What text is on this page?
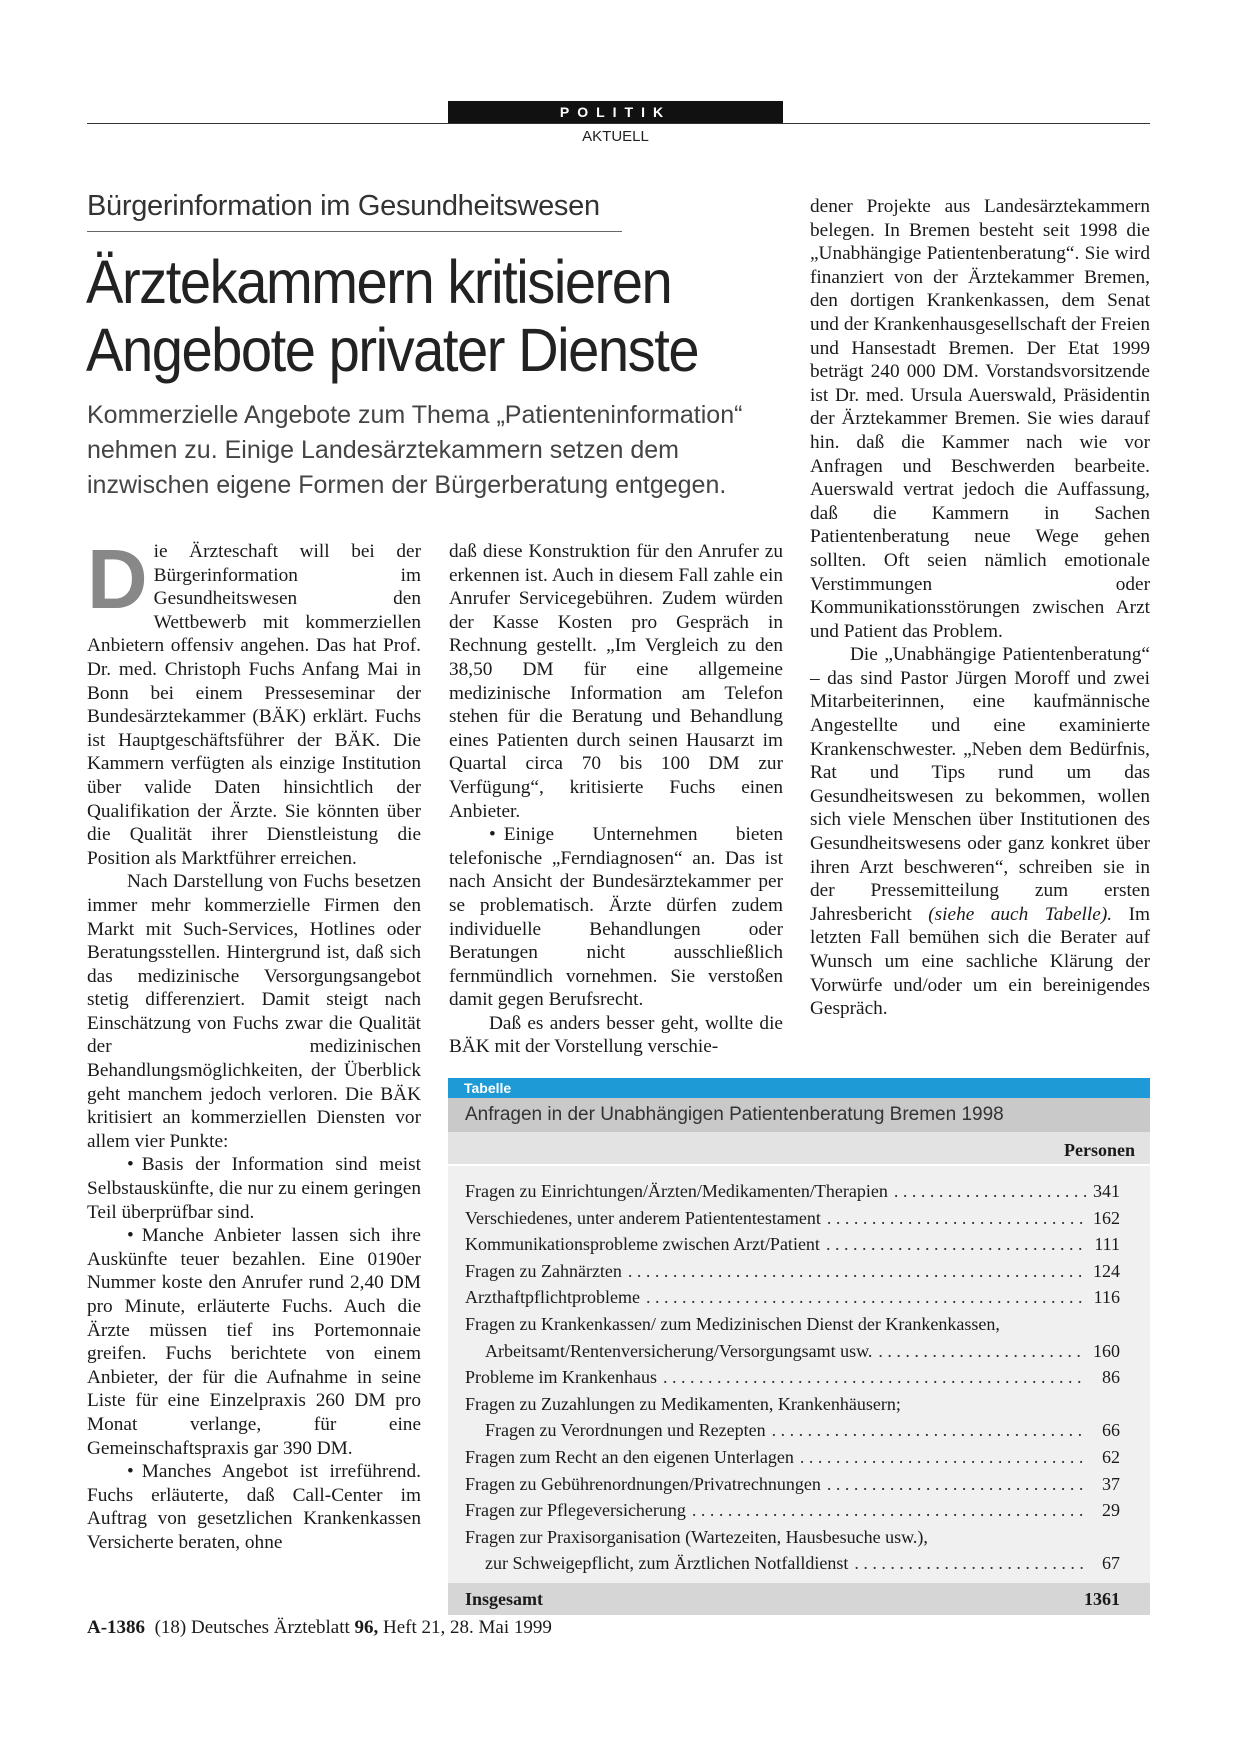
POLITIK
AKTUELL
Bürgerinformation im Gesundheitswesen
Ärztekammern kritisieren
Angebote privater Dienste
Kommerzielle Angebote zum Thema „Patienteninformation“
nehmen zu. Einige Landesärztekammern setzen dem
inzwischen eigene Formen der Bürgerberatung entgegen.

Die Ärzteschaft will bei der Bürgerinformation im Gesundheitswesen den Wettbewerb mit kommerziellen Anbietern offensiv angehen. Das hat Prof. Dr. med. Christoph Fuchs Anfang Mai in Bonn bei einem Presseseminar der Bundesärztekammer (BÄK) erklärt. Fuchs ist Hauptgeschäftsführer der BÄK. Die Kammern verfügten als einzige Institution über valide Daten hinsichtlich der Qualifikation der Ärzte. Sie könnten über die Qualität ihrer Dienstleistung die Position als Marktführer erreichen.

Nach Darstellung von Fuchs besetzen immer mehr kommerzielle Firmen den Markt mit Such-Services, Hotlines oder Beratungsstellen. Hintergrund ist, daß sich das medizinische Versorgungsangebot stetig differenziert. Damit steigt nach Einschätzung von Fuchs zwar die Qualität der medizinischen Behandlungsmöglichkeiten, der Überblick geht manchem jedoch verloren. Die BÄK kritisiert an kommerziellen Diensten vor allem vier Punkte:

• Basis der Information sind meist Selbstauskünfte, die nur zu einem geringen Teil überprüfbar sind.

• Manche Anbieter lassen sich ihre Auskünfte teuer bezahlen. Eine 0190er Nummer koste den Anrufer rund 2,40 DM pro Minute, erläuterte Fuchs. Auch die Ärzte müssen tief ins Portemonnaie greifen. Fuchs berichtete von einem Anbieter, der für die Aufnahme in seine Liste für eine Einzelpraxis 260 DM pro Monat verlange, für eine Gemeinschaftspraxis gar 390 DM.

• Manches Angebot ist irreführend. Fuchs erläuterte, daß Call-Center im Auftrag von gesetzlichen Krankenkassen Versicherte beraten, ohne

daß diese Konstruktion für den Anrufer zu erkennen ist. Auch in diesem Fall zahle ein Anrufer Servicegebühren. Zudem würden der Kasse Kosten pro Gespräch in Rechnung gestellt. „Im Vergleich zu den 38,50 DM für eine allgemeine medizinische Information am Telefon stehen für die Beratung und Behandlung eines Patienten durch seinen Hausarzt im Quartal circa 70 bis 100 DM zur Verfügung“, kritisierte Fuchs einen Anbieter.

• Einige Unternehmen bieten telefonische „Ferndiagnosen“ an. Das ist nach Ansicht der Bundesärztekammer per se problematisch. Ärzte dürfen zudem individuelle Behandlungen oder Beratungen nicht ausschließlich fernmündlich vornehmen. Sie verstoßen damit gegen Berufsrecht.

Daß es anders besser geht, wollte die BÄK mit der Vorstellung verschie-

dener Projekte aus Landesärztekammern belegen. In Bremen besteht seit 1998 die „Unabhängige Patientenberatung“. Sie wird finanziert von der Ärztekammer Bremen, den dortigen Krankenkassen, dem Senat und der Krankenhausgesellschaft der Freien und Hansestadt Bremen. Der Etat 1999 beträgt 240 000 DM. Vorstandsvorsitzende ist Dr. med. Ursula Auerswald, Präsidentin der Ärztekammer Bremen. Sie wies darauf hin. daß die Kammer nach wie vor Anfragen und Beschwerden bearbeite. Auerswald vertrat jedoch die Auffassung, daß die Kammern in Sachen Patientenberatung neue Wege gehen sollten. Oft seien nämlich emotionale Verstimmungen oder Kommunikationsstörungen zwischen Arzt und Patient das Problem.

Die „Unabhängige Patientenberatung“ – das sind Pastor Jürgen Moroff und zwei Mitarbeiterinnen, eine kaufmännische Angestellte und eine examinierte Krankenschwester. „Neben dem Bedürfnis, Rat und Tips rund um das Gesundheitswesen zu bekommen, wollen sich viele Menschen über Institutionen des Gesundheitswesens oder ganz konkret über ihren Arzt beschweren“, schreiben sie in der Pressemitteilung zum ersten Jahresbericht (siehe auch Tabelle). Im letzten Fall bemühen sich die Berater auf Wunsch um eine sachliche Klärung der Vorwürfe und/oder um ein bereinigendes Gespräch.

Tabelle
Anfragen in der Unabhängigen Patientenberatung Bremen 1998
Personen
Fragen zu Einrichtungen/Ärzten/Medikamenten/Therapien . . .	341
Verschiedenes, unter anderem Patiententestament . . .	162
Kommunikationsprobleme zwischen Arzt/Patient . . .	111
Fragen zu Zahnärzten . . .	124
Arzthaftpflichtprobleme . . .	116
Fragen zu Krankenkassen/ zum Medizinischen Dienst der Krankenkassen,
Arbeitsamt/Rentenversicherung/Versorgungsamt usw. . . .	160
Probleme im Krankenhaus . . .	86
Fragen zu Zuzahlungen zu Medikamenten, Krankenhäusern;
Fragen zu Verordnungen und Rezepten . . .	66
Fragen zum Recht an den eigenen Unterlagen . . .	62
Fragen zu Gebührenordnungen/Privatrechnungen . . .	37
Fragen zur Pflegeversicherung . . .	29
Fragen zur Praxisorganisation (Wartezeiten, Hausbesuche usw.),
zur Schweigepflicht, zum Ärztlichen Notfalldienst . . .	67
Insgesamt	1361
A-1386 (18) Deutsches Ärzteblatt 96, Heft 21, 28. Mai 1999
